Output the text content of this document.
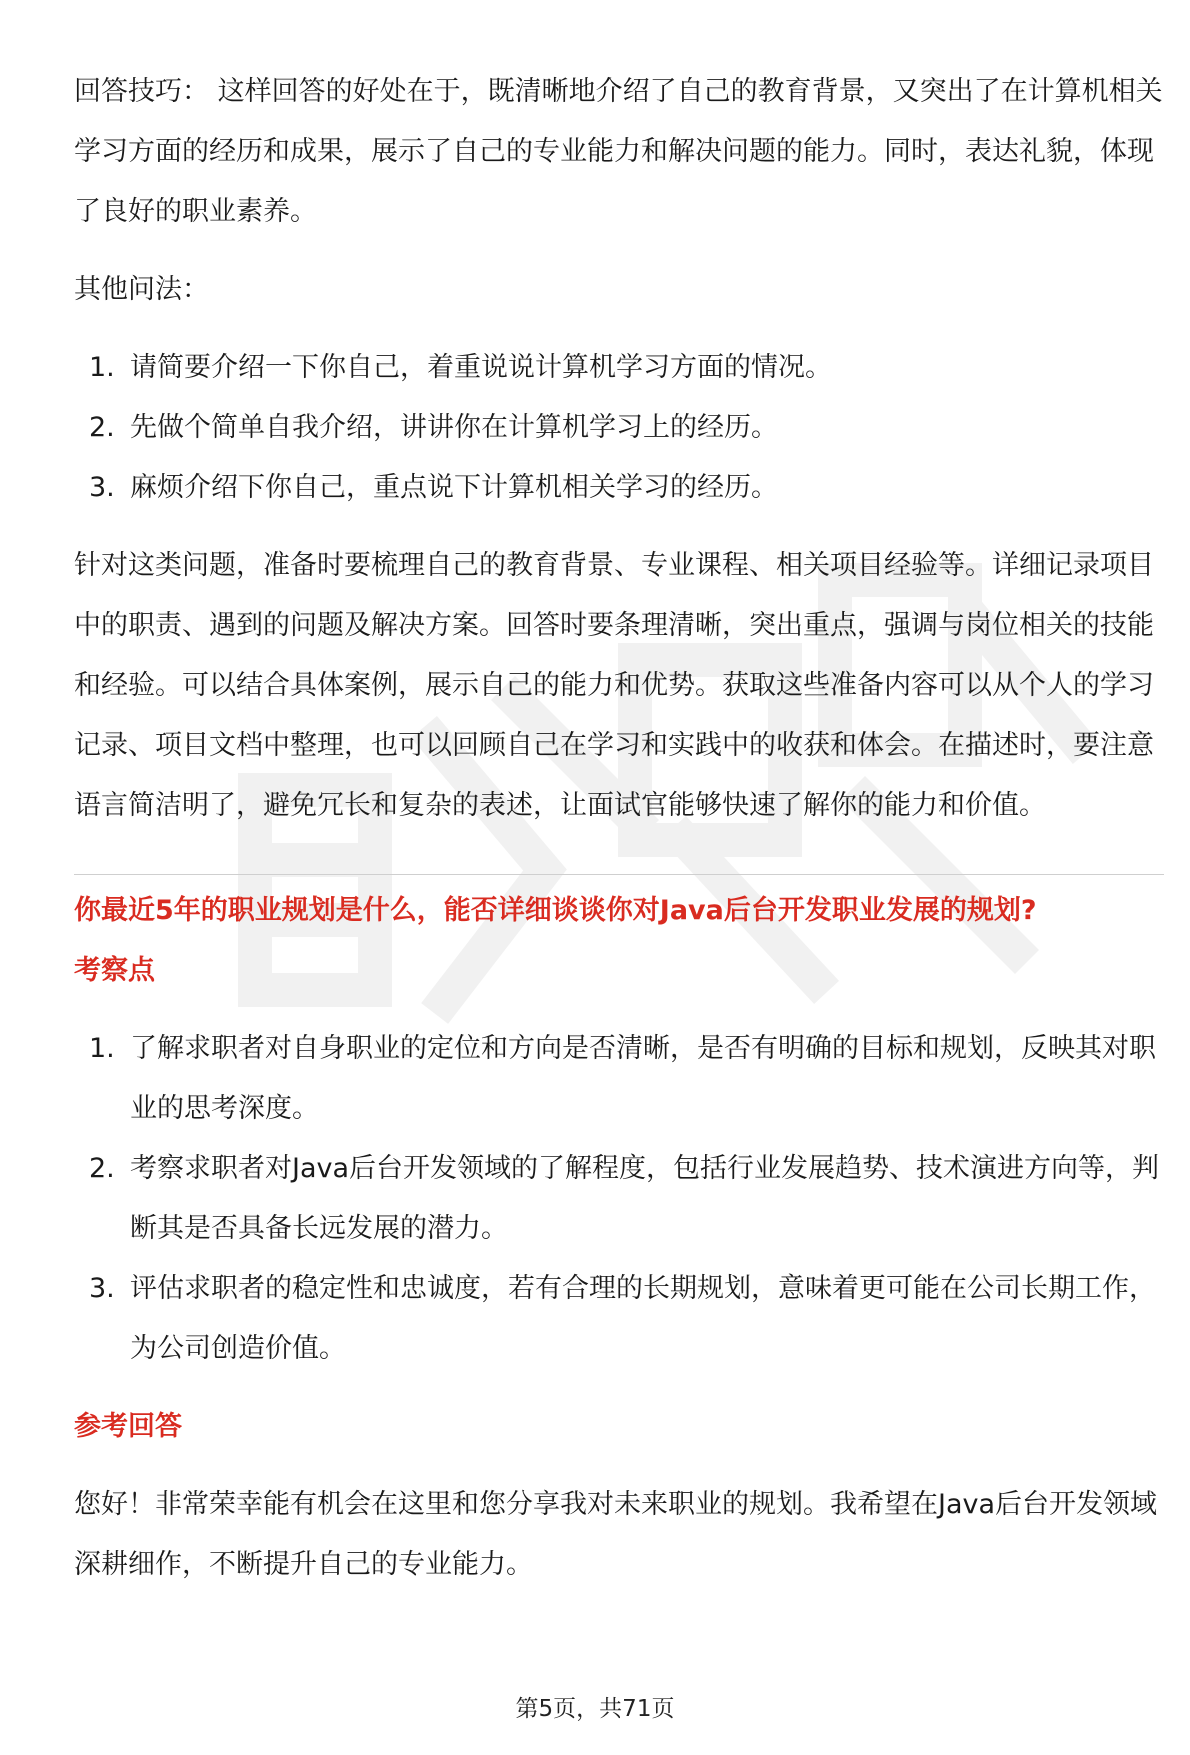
回答技巧： 这样回答的好处在于，既清晰地介绍了自己的教育背景，又突出了在计算机相关学习方面的经历和成果，展示了自己的专业能力和解决问题的能力。同时，表达礼貌，体现了良好的职业素养。

其他问法：

1. 请简要介绍一下你自己，着重说说计算机学习方面的情况。
2. 先做个简单自我介绍，讲讲你在计算机学习上的经历。
3. 麻烦介绍下你自己，重点说下计算机相关学习的经历。

针对这类问题，准备时要梳理自己的教育背景、专业课程、相关项目经验等。详细记录项目中的职责、遇到的问题及解决方案。回答时要条理清晰，突出重点，强调与岗位相关的技能和经验。可以结合具体案例，展示自己的能力和优势。获取这些准备内容可以从个人的学习记录、项目文档中整理，也可以回顾自己在学习和实践中的收获和体会。在描述时，要注意语言简洁明了，避免冗长和复杂的表述，让面试官能够快速了解你的能力和价值。

你最近5年的职业规划是什么，能否详细谈谈你对Java后台开发职业发展的规划?

考察点

1. 了解求职者对自身职业的定位和方向是否清晰，是否有明确的目标和规划，反映其对职业的思考深度。
2. 考察求职者对Java后台开发领域的了解程度，包括行业发展趋势、技术演进方向等，判断其是否具备长远发展的潜力。
3. 评估求职者的稳定性和忠诚度，若有合理的长期规划，意味着更可能在公司长期工作，为公司创造价值。

参考回答

您好！非常荣幸能有机会在这里和您分享我对未来职业的规划。我希望在Java后台开发领域深耕细作，不断提升自己的专业能力。

第5页，共71页
